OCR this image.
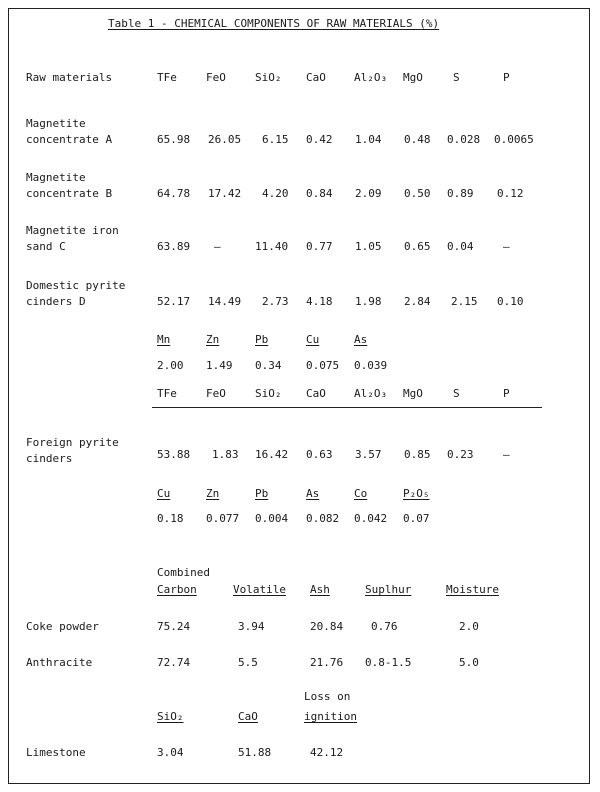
Table 1 - CHEMICAL COMPONENTS OF RAW MATERIALS (%)
Raw materials	TFe	FeO	SiO₂ CaO	Al₂O₃ MgO	S	P
Magnetite
concentrate A	65.98 26.05 6.15 0.42 1.04 0.48 0.028 0.0065
Magnetite
concentrate B	64.78 17.42 4.20 0.84 2.09 0.50 0.89 0.12
Magnetite iron
sand C	63.89 —	11.40 0.77 1.05 0.65 0.04	—
Domestic pyrite
cinders D	52.17 14.49 2.73 4.18 1.98 2.84 2.15 0.10
Mn	Zn	Pb	Cu	As
2.00 1.49 0.34 0.075 0.039
TFe	FeO	SiO₂ CaO	Al₂O₃ MgO	S	P
Foreign pyrite
cinders	53.88 1.83 16.42 0.63 3.57 0.85 0.23	—
Cu	Zn	Pb	As	Co	P₂O₅
0.18 0.077 0.004 0.082 0.042 0.07
Combined
Carbon	Volatile Ash	Suplhur	Moisture
Coke powder	75.24	3.94	20.84	0.76	2.0
Anthracite	72.74	5.5	21.76 0.8-1.5	5.0
Loss on
ignition
SiO₂	CaO
Limestone	3.04	51.88	42.12
